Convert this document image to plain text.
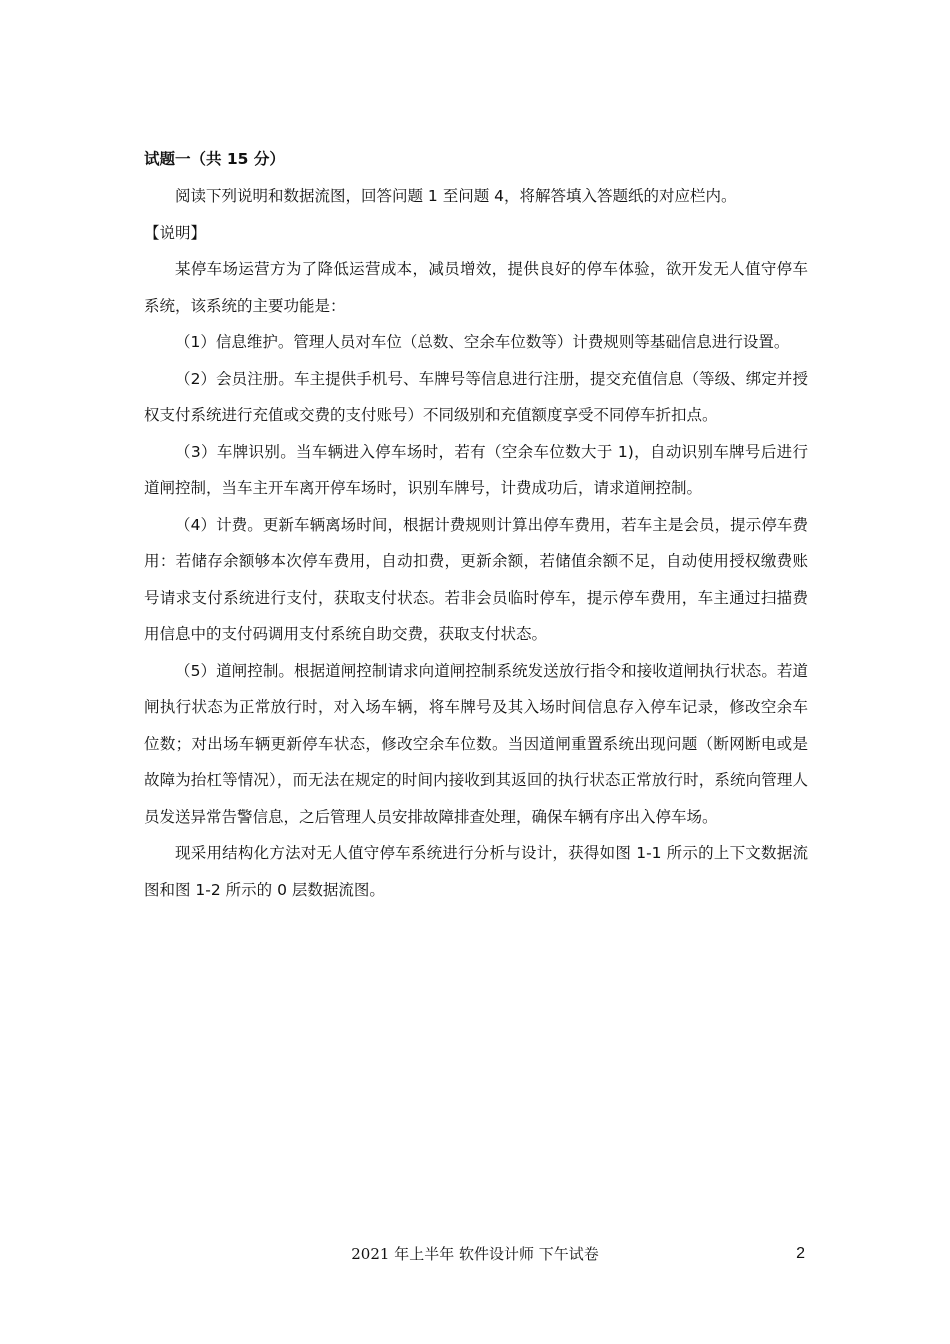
试题一（共 15 分）

阅读下列说明和数据流图，回答问题 1 至问题 4，将解答填入答题纸的对应栏内。

【说明】

某停车场运营方为了降低运营成本，减员增效，提供良好的停车体验，欲开发无人值守停车系统，该系统的主要功能是：

（1）信息维护。管理人员对车位（总数、空余车位数等）计费规则等基础信息进行设置。

（2）会员注册。车主提供手机号、车牌号等信息进行注册，提交充值信息（等级、绑定并授权支付系统进行充值或交费的支付账号）不同级别和充值额度享受不同停车折扣点。

（3）车牌识别。当车辆进入停车场时，若有（空余车位数大于 1)，自动识别车牌号后进行道闸控制，当车主开车离开停车场时，识别车牌号，计费成功后，请求道闸控制。

（4）计费。更新车辆离场时间，根据计费规则计算出停车费用，若车主是会员，提示停车费用：若储存余额够本次停车费用，自动扣费，更新余额，若储值余额不足，自动使用授权缴费账号请求支付系统进行支付，获取支付状态。若非会员临时停车，提示停车费用，车主通过扫描费用信息中的支付码调用支付系统自助交费，获取支付状态。

（5）道闸控制。根据道闸控制请求向道闸控制系统发送放行指令和接收道闸执行状态。若道闸执行状态为正常放行时，对入场车辆，将车牌号及其入场时间信息存入停车记录，修改空余车位数；对出场车辆更新停车状态，修改空余车位数。当因道闸重置系统出现问题（断网断电或是故障为抬杠等情况），而无法在规定的时间内接收到其返回的执行状态正常放行时，系统向管理人员发送异常告警信息，之后管理人员安排故障排查处理，确保车辆有序出入停车场。

现采用结构化方法对无人值守停车系统进行分析与设计，获得如图 1-1 所示的上下文数据流图和图 1-2 所示的 0 层数据流图。

2021 年上半年 软件设计师 下午试卷	2
